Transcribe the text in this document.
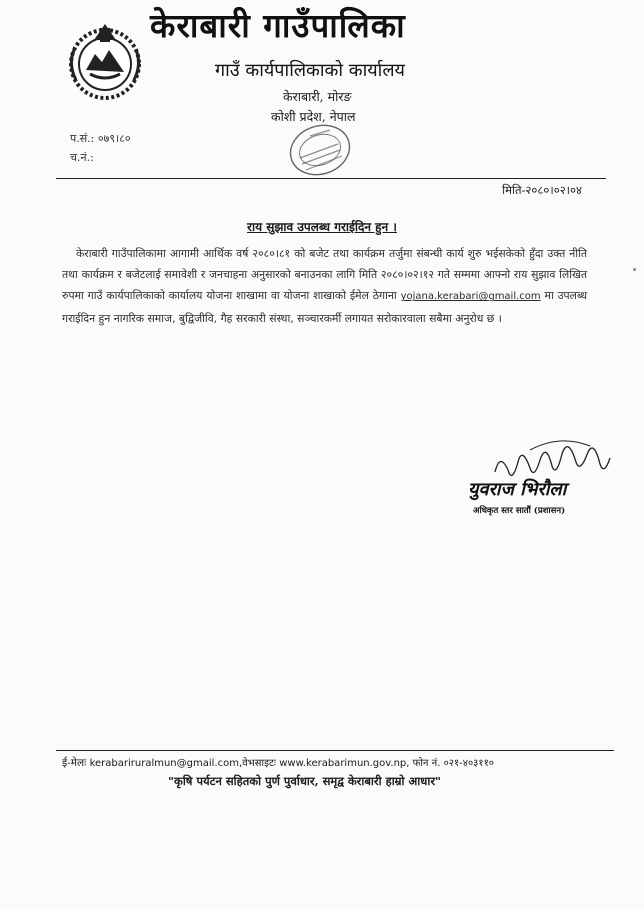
केराबारी गाउँपालिका
गाउँ कार्यपालिकाको कार्यालय
केराबारी, मोरङ
कोशी प्रदेश, नेपाल
प.सं.: ०७९।८०
च.नं.:
मिति-२०८०।०२।०४
राय सुझाव उपलब्ध गराईदिन हुन ।
केराबारी गाउँपालिकामा आगामी आर्थिक वर्ष २०८०।८१ को बजेट तथा कार्यक्रम तर्जुमा संबन्धी कार्य शुरु भईसकेको हुँदा उक्त नीति तथा कार्यक्रम र बजेटलाई समावेशी र जनचाहना अनुसारको बनाउनका लागि मिति २०८०।०२।१२ गते सम्ममा आफ्नो राय सुझाव लिखित रुपमा गाउँ कार्यपालिकाको कार्यालय योजना शाखामा वा योजना शाखाको ईमेल ठेगाना yojana.kerabari@gmail.com मा उपलब्ध गराईदिन हुन नागरिक समाज, बुद्विजीवि, गैह सरकारी संस्था, सञ्चारकर्मी लगायत सरोकारवाला सबैमा अनुरोध छ ।
युवराज भिरौला
अधिकृत स्तर सातौं (प्रशासन)
ई-मेलः kerabariruralmun@gmail.com,वेभसाइटः www.kerabarimun.gov.np, फोन नं. ०२१-४०३११०
"कृषि पर्यटन सहितको पुर्ण पुर्वाधार, समृद्व केराबारी हाम्रो आधार"
